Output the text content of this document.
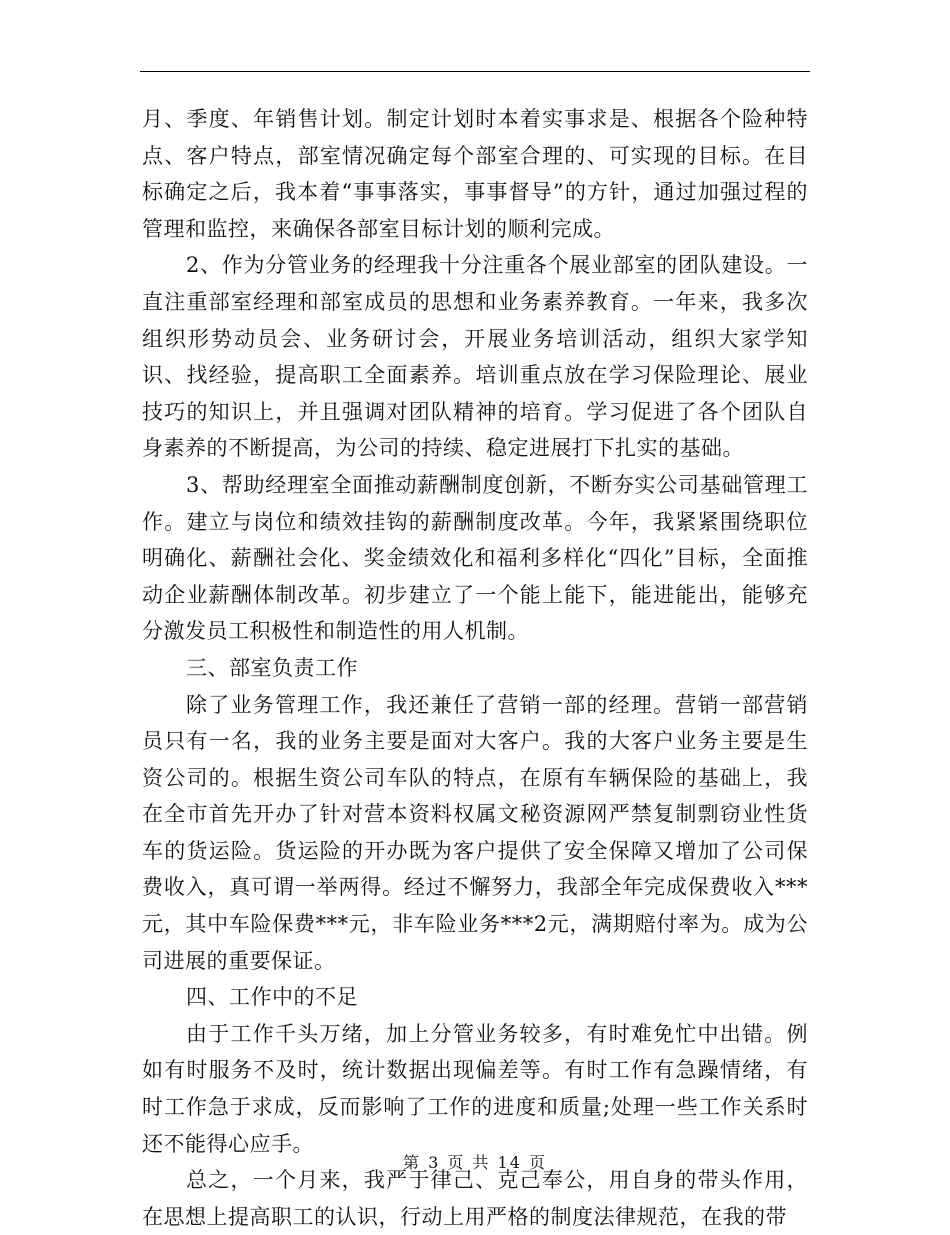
月、季度、年销售计划。制定计划时本着实事求是、根据各个险种特点、客户特点，部室情况确定每个部室合理的、可实现的目标。在目标确定之后，我本着“事事落实，事事督导”的方针，通过加强过程的管理和监控，来确保各部室目标计划的顺利完成。

2、作为分管业务的经理我十分注重各个展业部室的团队建设。一直注重部室经理和部室成员的思想和业务素养教育。一年来，我多次组织形势动员会、业务研讨会，开展业务培训活动，组织大家学知识、找经验，提高职工全面素养。培训重点放在学习保险理论、展业技巧的知识上，并且强调对团队精神的培育。学习促进了各个团队自身素养的不断提高，为公司的持续、稳定进展打下扎实的基础。

3、帮助经理室全面推动薪酬制度创新，不断夯实公司基础管理工作。建立与岗位和绩效挂钩的薪酬制度改革。今年，我紧紧围绕职位明确化、薪酬社会化、奖金绩效化和福利多样化“四化”目标，全面推动企业薪酬体制改革。初步建立了一个能上能下，能进能出，能够充分激发员工积极性和制造性的用人机制。

三、部室负责工作

除了业务管理工作，我还兼任了营销一部的经理。营销一部营销员只有一名，我的业务主要是面对大客户。我的大客户业务主要是生资公司的。根据生资公司车队的特点，在原有车辆保险的基础上，我在全市首先开办了针对营本资料权属文秘资源网严禁复制剽窃业性货车的货运险。货运险的开办既为客户提供了安全保障又增加了公司保费收入，真可谓一举两得。经过不懈努力，我部全年完成保费收入***元，其中车险保费***元，非车险业务***2元，满期赔付率为。成为公司进展的重要保证。

四、工作中的不足

由于工作千头万绪，加上分管业务较多，有时难免忙中出错。例如有时服务不及时，统计数据出现偏差等。有时工作有急躁情绪，有时工作急于求成，反而影响了工作的进度和质量;处理一些工作关系时还不能得心应手。

总之，一个月来，我严于律己、克己奉公，用自身的带头作用，在思想上提高职工的认识，行动上用严格的制度法律规范，在我的带

第 3 页 共 14 页
